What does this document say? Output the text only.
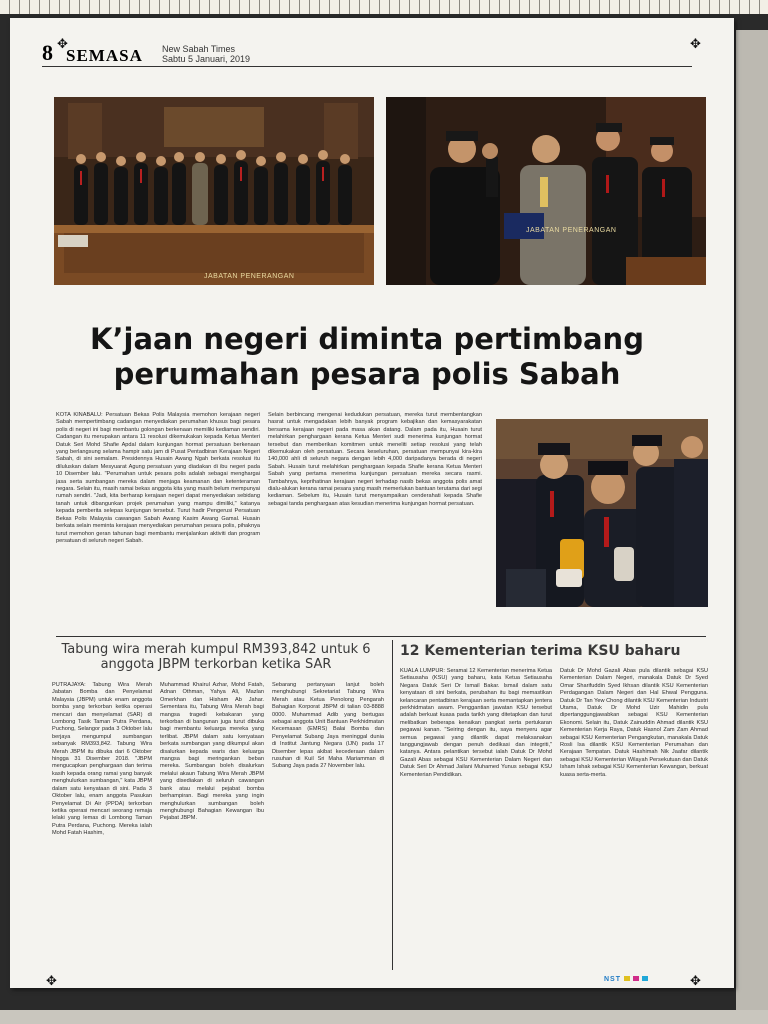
✥	✥
✥	✥
8 SEMASA New Sabah Times
Sabtu 5 Januari, 2019
JABATAN PENERANGAN
JABATAN PENERANGAN
K’jaan negeri diminta pertimbang
perumahan pesara polis Sabah
KOTA KINABALU: Persatuan Bekas Polis Malaysia memohon kerajaan negeri Sabah mempertimbang cadangan menyediakan perumahan khusus bagi pesara polis di negeri ini bagi membantu golongan berkenaan memiliki kediaman sendiri. Cadangan itu merupakan antara 11 resolusi dikemukakan kepada Ketua Menteri Datuk Seri Mohd Shafie Apdal dalam kunjungan hormat persatuan berkenaan yang berlangsung selama hampir satu jam di Pusat Pentadbiran Kerajaan Negeri Sabah, di sini semalam. Presidennya Husain Awang Ngah berkata resolusi itu diluluskan dalam Mesyuarat Agung persatuan yang diadakan di ibu negeri pada 10 Disember lalu. "Perumahan untuk pesara polis adalah sebagai menghargai jasa serta sumbangan mereka dalam menjaga keamanan dan ketenteraman negara. Selain itu, masih ramai bekas anggota kita yang masih belum mempunyai rumah sendiri. "Jadi, kita berharap kerajaan negeri dapat menyediakan sebidang tanah untuk dibangunkan projek perumahan yang mampu dimiliki," katanya kepada pemberita selepas kunjungan tersebut. Turut hadir Pengerusi Persatuan Bekas Polis Malaysia cawangan Sabah Awang Kasim Awang Gamal. Husain berkata selain meminta kerajaan menyediakan perumahan pesara polis, pihaknya turut memohon geran tahunan bagi membantu menjalankan aktiviti dan program persatuan di seluruh negeri Sabah.
Selain berbincang mengenai kedudukan persatuan, mereka turut membentangkan hasrat untuk mengadakan lebih banyak program kebajikan dan kemasyarakatan bersama kerajaan negeri pada masa akan datang. Dalam pada itu, Husain turut melahirkan penghargaan kerana Ketua Menteri sudi menerima kunjungan hormat tersebut dan memberikan komitmen untuk meneliti setiap resolusi yang telah dikemukakan oleh persatuan. Secara keseluruhan, persatuan mempunyai kira-kira 140,000 ahli di seluruh negara dengan lebih 4,000 daripadanya berada di negeri Sabah. Husain turut melahirkan penghargaan kepada Shafie kerana Ketua Menteri Sabah yang pertama menerima kunjungan persatuan mereka secara rasmi. Tambahnya, keprihatinan kerajaan negeri terhadap nasib bekas anggota polis amat dialu-alukan kerana ramai pesara yang masih memerlukan bantuan terutama dari segi kediaman. Sebelum itu, Husain turut menyampaikan cenderahati kepada Shafie sebagai tanda penghargaan atas kesudian menerima kunjungan hormat persatuan.
Tabung wira merah kumpul RM393,842 untuk 6 anggota JBPM terkorban ketika SAR
PUTRAJAYA: Tabung Wira Merah Jabatan Bomba dan Penyelamat Malaysia (JBPM) untuk enam anggota bomba yang terkorban ketika operasi mencari dan menyelamat (SAR) di Lombong Tasik Taman Putra Perdana, Puchong, Selangor pada 3 Oktober lalu berjaya mengumpul sumbangan sebanyak RM393,842. Tabung Wira Merah JBPM itu dibuka dari 6 Oktober hingga 31 Disember 2018. "JBPM mengucapkan penghargaan dan terima kasih kepada orang ramai yang banyak menghulurkan sumbangan," kata JBPM dalam satu kenyataan di sini. Pada 3 Oktober lalu, enam anggota Pasukan Penyelamat Di Air (PPDA) terkorban ketika operasi mencari seorang remaja lelaki yang lemas di Lombong Taman Putra Perdana, Puchong. Mereka ialah Mohd Fatah Hashim,
Muhammad Khairul Azhar, Mohd Fatah, Adnan Othman, Yahya Ali, Mazlan Omerkhan dan Hisham Ab Jahar. Sementara itu, Tabung Wira Merah bagi mangsa tragedi kebakaran yang terkorban di bangunan juga turut dibuka bagi membantu keluarga mereka yang terlibat. JBPM dalam satu kenyataan berkata sumbangan yang dikumpul akan disalurkan kepada waris dan keluarga mangsa bagi meringankan beban mereka. Sumbangan boleh disalurkan melalui akaun Tabung Wira Merah JBPM yang disediakan di seluruh cawangan bank atau melalui pejabat bomba berhampiran. Bagi mereka yang ingin menghulurkan sumbangan boleh menghubungi Bahagian Kewangan Ibu Pejabat JBPM.
Sebarang pertanyaan lanjut boleh menghubungi Sekretariat Tabung Wira Merah atau Ketua Penolong Pengarah Bahagian Korporat JBPM di talian 03-8888 0000. Muhammad Adib yang bertugas sebagai anggota Unit Bantuan Perkhidmatan Kecemasan (EMRS) Balai Bomba dan Penyelamat Subang Jaya meninggal dunia di Institut Jantung Negara (IJN) pada 17 Disember lepas akibat kecederaan dalam rusuhan di Kuil Sri Maha Mariamman di Subang Jaya pada 27 November lalu.
12 Kementerian terima KSU baharu
KUALA LUMPUR: Seramai 12 Kementerian menerima Ketua Setiausaha (KSU) yang baharu, kata Ketua Setiausaha Negara Datuk Seri Dr Ismail Bakar. Ismail dalam satu kenyataan di sini berkata, perubahan itu bagi memastikan kelancaran pentadbiran kerajaan serta memantapkan jentera perkhidmatan awam. Penggantian jawatan KSU tersebut adalah berkuat kuasa pada tarikh yang ditetapkan dan turut melibatkan beberapa kenaikan pangkat serta pertukaran pegawai kanan. "Seiring dengan itu, saya menyeru agar semua pegawai yang dilantik dapat melaksanakan tanggungjawab dengan penuh dedikasi dan integriti," katanya. Antara pelantikan tersebut ialah Datuk Dr Mohd Gazali Abas sebagai KSU Kementerian Dalam Negeri dan Datuk Seri Dr Ahmad Jailani Muhamed Yunus sebagai KSU Kementerian Pendidikan.
Datuk Dr Mohd Gazali Abas pula dilantik sebagai KSU Kementerian Dalam Negeri, manakala Datuk Dr Syed Omar Sharifuddin Syed Ikhsan dilantik KSU Kementerian Perdagangan Dalam Negeri dan Hal Ehwal Pengguna. Datuk Dr Tan Yew Chong dilantik KSU Kementerian Industri Utama, Datuk Dr Mohd Uzir Mahidin pula dipertanggungjawabkan sebagai KSU Kementerian Ekonomi. Selain itu, Datuk Zainuddin Ahmad dilantik KSU Kementerian Kerja Raya, Datuk Hasnol Zam Zam Ahmad sebagai KSU Kementerian Pengangkutan, manakala Datuk Rosli Isa dilantik KSU Kementerian Perumahan dan Kerajaan Tempatan. Datuk Hashimah Nik Jaafar dilantik sebagai KSU Kementerian Wilayah Persekutuan dan Datuk Isham Ishak sebagai KSU Kementerian Kewangan, berkuat kuasa serta-merta.
NST
